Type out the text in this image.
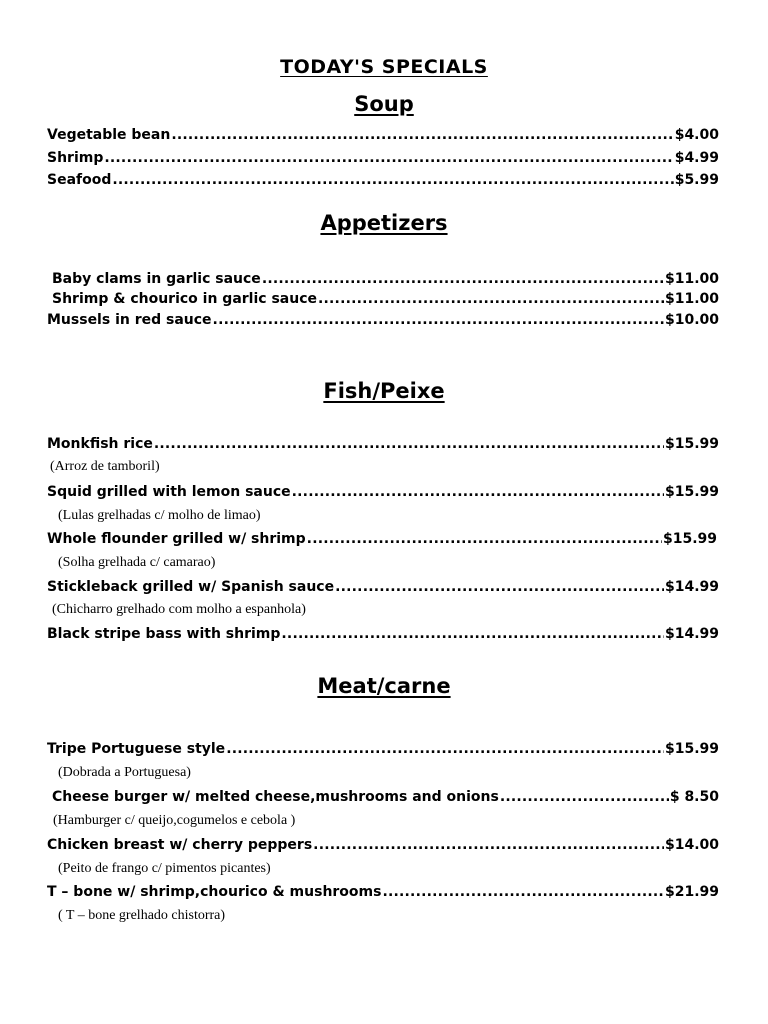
TODAY'S SPECIALS
Soup
Vegetable bean .....	$4.00
Shrimp .....	$4.99
Seafood .....	$5.99
Appetizers
Baby clams in garlic sauce .....	$11.00
Shrimp & chourico in garlic sauce .....	$11.00
Mussels in red sauce .....	$10.00
Fish/Peixe
Monkfish rice .....	$15.99
(Arroz de tamboril)
Squid grilled with lemon sauce .....	$15.99
(Lulas grelhadas c/ molho de limao)
Whole flounder grilled w/ shrimp .....	$15.99
(Solha grelhada c/ camarao)
Stickleback grilled w/ Spanish sauce .....	$14.99
(Chicharro grelhado com molho a espanhola)
Black stripe bass with shrimp .....	$14.99
Meat/carne
Tripe Portuguese style .....	$15.99
(Dobrada a Portuguesa)
Cheese burger w/ melted cheese,mushrooms and onions .....	$ 8.50
(Hamburger c/ queijo,cogumelos e cebola )
Chicken breast w/ cherry peppers .....	$14.00
(Peito de frango c/ pimentos picantes)
T – bone w/ shrimp,chourico & mushrooms .....	$21.99
( T – bone grelhado chistorra)
